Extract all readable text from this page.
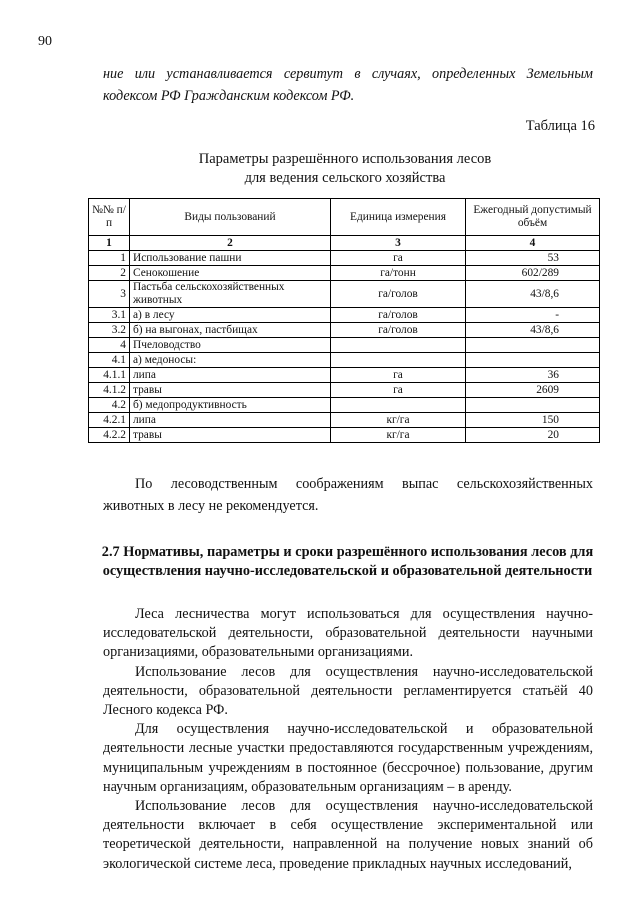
90
ние или устанавливается сервитут в случаях, определенных Земельным кодексом РФ Гражданским кодексом РФ.
Таблица 16
Параметры разрешённого использования лесов
для ведения сельского хозяйства
№№ п/п	Виды пользований	Единица измерения	Ежегодный допустимый объём
1	2	3	4
1	Использование пашни	га	53
2	Сенокошение	га/тонн	602/289
3	Пастьба сельскохозяйственных животных	га/голов	43/8,6
3.1	а) в лесу	га/голов	-
3.2	б) на выгонах, пастбищах	га/голов	43/8,6
4	Пчеловодство		
4.1	а) медоносы:		
4.1.1	липа	га	36
4.1.2	травы	га	2609
4.2	б) медопродуктивность		
4.2.1	липа	кг/га	150
4.2.2	травы	кг/га	20
По лесоводственным соображениям выпас сельскохозяйственных животных в лесу не рекомендуется.
2.7 Нормативы, параметры и сроки разрешённого использования лесов для осуществления научно-исследовательской и образовательной деятельности

Леса лесничества могут использоваться для осуществления научно-исследовательской деятельности, образовательной деятельности научными организациями, образовательными организациями.

Использование лесов для осуществления научно-исследовательской деятельности, образовательной деятельности регламентируется статьёй 40 Лесного кодекса РФ.

Для осуществления научно-исследовательской и образовательной деятельности лесные участки предоставляются государственным учреждениям, муниципальным учреждениям в постоянное (бессрочное) пользование, другим научным организациям, образовательным организациям – в аренду.

Использование лесов для осуществления научно-исследовательской деятельности включает в себя осуществление экспериментальной или теоретической деятельности, направленной на получение новых знаний об экологической системе леса, проведение прикладных научных исследований,
